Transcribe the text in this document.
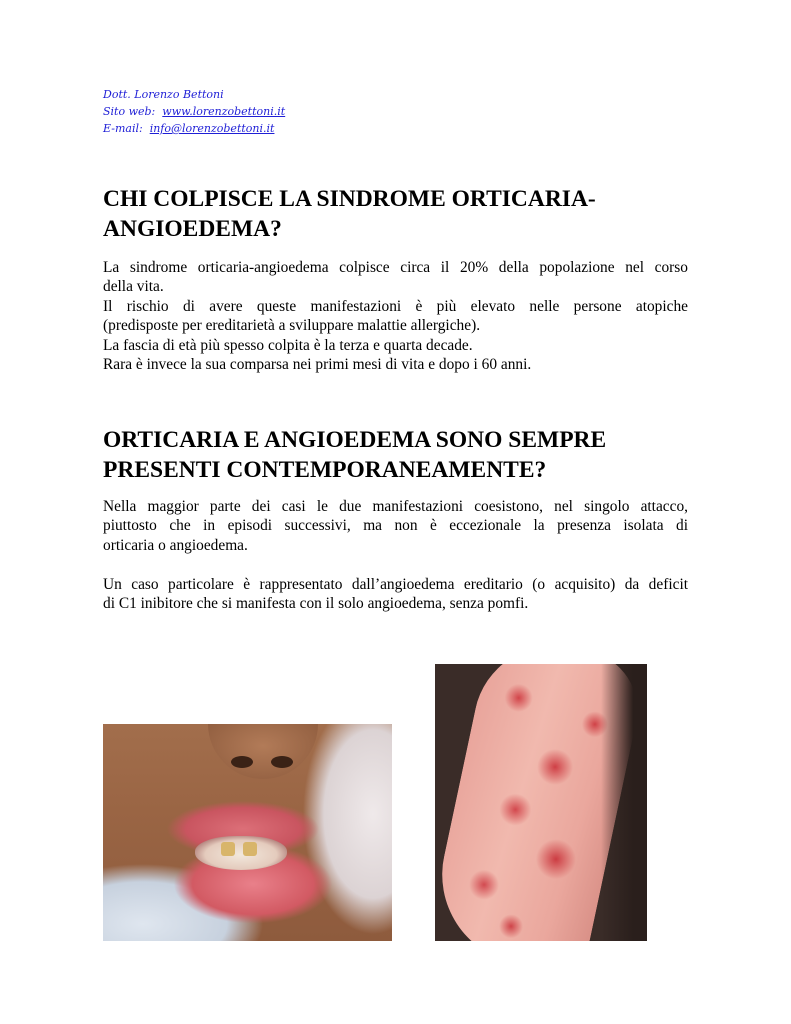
Dott. Lorenzo Bettoni
Sito web: www.lorenzobettoni.it
E-mail: info@lorenzobettoni.it
CHI COLPISCE LA SINDROME ORTICARIA-
ANGIOEDEMA?
La sindrome orticaria-angioedema colpisce circa il 20% della popolazione nel corso
della vita.
Il rischio di avere queste manifestazioni è più elevato nelle persone atopiche
(predisposte per ereditarietà a sviluppare malattie allergiche).
La fascia di età più spesso colpita è la terza e quarta decade.
Rara è invece la sua comparsa nei primi mesi di vita e dopo i 60 anni.
ORTICARIA E ANGIOEDEMA SONO SEMPRE
PRESENTI CONTEMPORANEAMENTE?
Nella maggior parte dei casi le due manifestazioni coesistono, nel singolo attacco,
piuttosto che in episodi successivi, ma non è eccezionale la presenza isolata di
orticaria o angioedema.
Un caso particolare è rappresentato dall’angioedema ereditario (o acquisito) da deficit
di C1 inibitore che si manifesta con il solo angioedema, senza pomfi.
